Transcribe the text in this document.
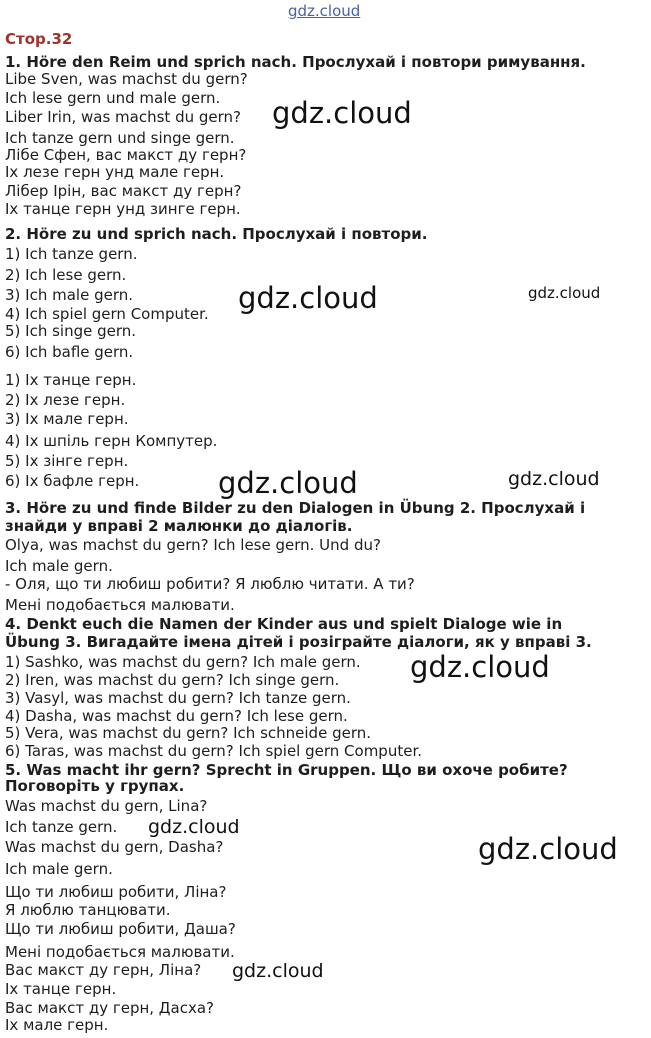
gdz.cloud
Стор.32
1. Höre den Reim und sprich nach. Прослухай і повтори римування.
Libe Sven, was machst du gern?
Ich lese gern und male gern.
Liber Irin, was machst du gern?
Ich tanze gern und singe gern.
Лібе Сфен, вас макст ду герн?
Іх лезе герн унд мале герн.
Лібер Ірін, вас макст ду герн?
Іх танце герн унд зинге герн.
2. Höre zu und sprich nach. Прослухай і повтори.
1) Ich tanze gern.
2) Ich lese gern.
3) Ich male gern.
4) Ich spiel gern Computer.
5) Ich singe gern.
6) Ich bafle gern.
1) Іх танце герн.
2) Іх лезе герн.
3) Іх мале герн.
4) Іх шпіль герн Компутер.
5) Іх зінге герн.
6) Іх бафле герн.
3. Höre zu und finde Bilder zu den Dialogen in Übung 2. Прослухай і
знайди у вправі 2 малюнки до діалогів.
Olya, was machst du gern? Ich lese gern. Und du?
Ich male gern.
- Оля, що ти любиш робити? Я люблю читати. А ти?
Мені подобається малювати.
4. Denkt euch die Namen der Kinder aus und spielt Dialoge wie in
Übung 3. Вигадайте імена дітей і розіграйте діалоги, як у вправі 3.
1) Sashko, was machst du gern? Ich male gern.
2) Iren, was machst du gern? Ich singe gern.
3) Vasyl, was machst du gern? Ich tanze gern.
4) Dasha, was machst du gern? Ich lese gern.
5) Vera, was machst du gern? Ich schneide gern.
6) Taras, was machst du gern? Ich spiel gern Computer.
5. Was macht ihr gern? Sprecht in Gruppen. Що ви охоче робите?
Поговоріть у групах.
Was machst du gern, Lina?
Ich tanze gern.
Was machst du gern, Dasha?
Ich male gern.
Що ти любиш робити, Ліна?
Я люблю танцювати.
Що ти любиш робити, Даша?
Мені подобається малювати.
Вас макст ду герн, Ліна?
Іх танце герн.
Вас макст ду герн, Дасха?
Іх мале герн.
gdz.cloud
gdz.cloud	gdz.cloud
gdz.cloud	gdz.cloud
gdz.cloud
gdz.cloud
gdz.cloud
gdz.cloud
